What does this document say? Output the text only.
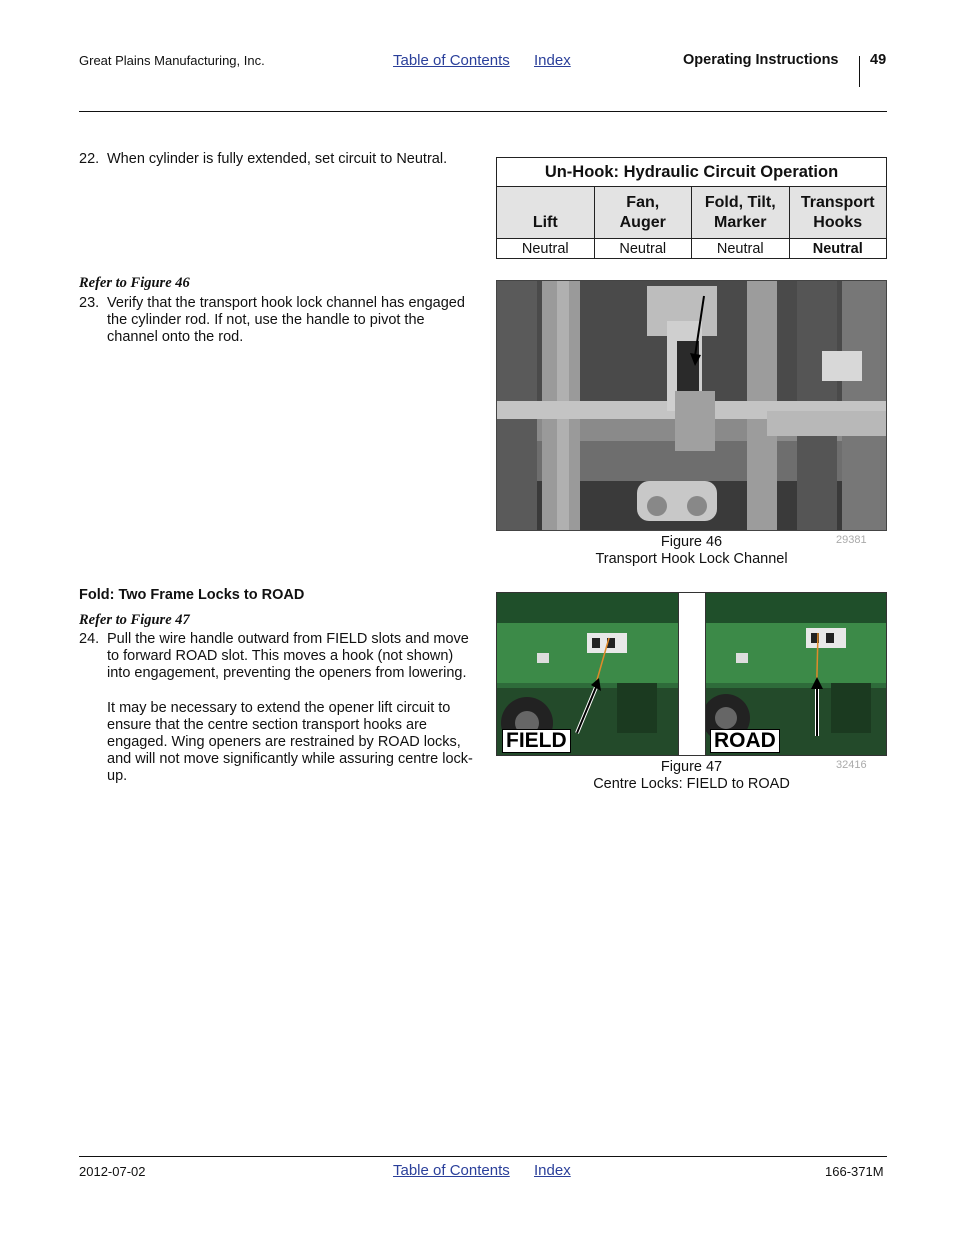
Great Plains Manufacturing, Inc.	Table of Contents Index	Operating Instructions 49
22. When cylinder is fully extended, set circuit to Neutral.
Un-Hook: Hydraulic Circuit Operation			
Lift	Fan, Auger	Fold, Tilt, Marker	Transport Hooks
Neutral	Neutral	Neutral	Neutral
Refer to Figure 46
23. Verify that the transport hook lock channel has engaged the cylinder rod. If not, use the handle to pivot the channel onto the rod.
Figure 46
Transport Hook Lock Channel
29381
Fold: Two Frame Locks to ROAD
Refer to Figure 47
24. Pull the wire handle outward from FIELD slots and move to forward ROAD slot. This moves a hook (not shown) into engagement, preventing the openers from lowering.
It may be necessary to extend the opener lift circuit to ensure that the centre section transport hooks are engaged. Wing openers are restrained by ROAD locks, and will not move significantly while assuring centre lock-up.
FIELD	ROAD
Figure 47
Centre Locks: FIELD to ROAD
32416
2012-07-02	Table of Contents Index	166-371M
